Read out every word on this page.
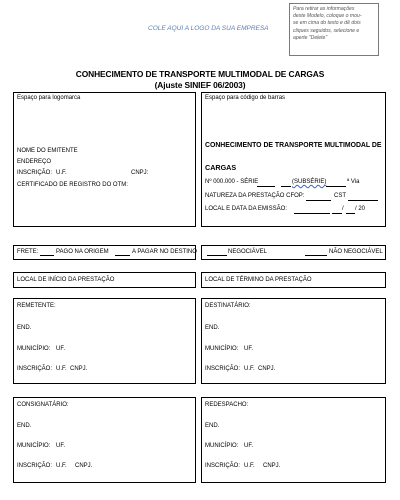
COLE AQUI A LOGO DA SUA EMPRESA
Para retirar as informações
deste Modelo, coloque o mou-
se em cima do texto e dê dois
cliques seguidos, selecione e
aperte "Delete"
CONHECIMENTO DE TRANSPORTE MULTIMODAL DE CARGAS
(Ajuste SINIEF 06/2003)
Espaço para logomarca
NOME DO EMITENTE
ENDEREÇO
INSCRIÇÃO: U.F.	CNPJ:
CERTIFICADO DE REGISTRO DO OTM:
Espaço para código de barras
CONHECIMENTO DE TRANSPORTE MULTIMODAL DE
CARGAS
Nº 000.000 - SÉRIE	(SUBSÉRIE)	ª Via
NATUREZA DA PRESTAÇÃO CFOP:	CST
LOCAL E DATA DA EMISSÃO:	/ / 20
FRETE:	PAGO NA ORIGEM	A PAGAR NO DESTINO	NEGOCIÁVEL	NÃO NEGOCIÁVEL
LOCAL DE INÍCIO DA PRESTAÇÃO	LOCAL DE TÉRMINO DA PRESTAÇÃO
REMETENTE:
END.
MUNICÍPIO: UF.
INSCRIÇÃO: U.F. CNPJ.
DESTINATÁRIO:
END.
MUNICÍPIO: UF.
INSCRIÇÃO: U.F. CNPJ.
CONSIGNATÁRIO:
END.
MUNICÍPIO: UF.
INSCRIÇÃO: U.F. CNPJ.
REDESPACHO:
END.
MUNICÍPIO: UF.
INSCRIÇÃO: U.F. CNPJ.
